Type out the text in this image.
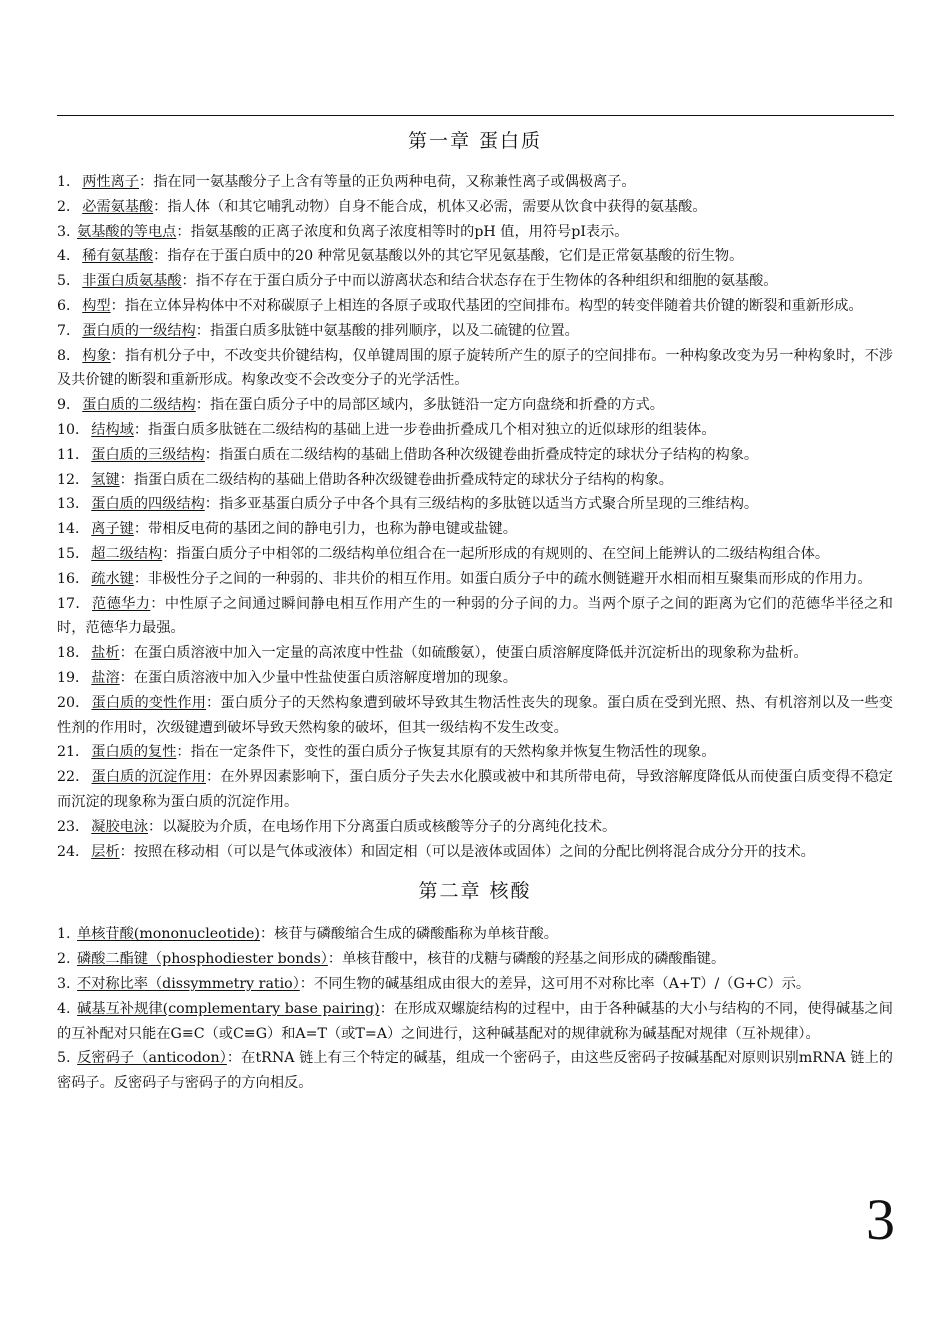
第一章 蛋白质

1． 两性离子：指在同一氨基酸分子上含有等量的正负两种电荷，又称兼性离子或偶极离子。

2． 必需氨基酸：指人体（和其它哺乳动物）自身不能合成，机体又必需，需要从饮食中获得的氨基酸。

3. 氨基酸的等电点：指氨基酸的正离子浓度和负离子浓度相等时的pH 值，用符号pI表示。

4． 稀有氨基酸：指存在于蛋白质中的20 种常见氨基酸以外的其它罕见氨基酸，它们是正常氨基酸的衍生物。

5． 非蛋白质氨基酸：指不存在于蛋白质分子中而以游离状态和结合状态存在于生物体的各种组织和细胞的氨基酸。

6． 构型：指在立体异构体中不对称碳原子上相连的各原子或取代基团的空间排布。构型的转变伴随着共价键的断裂和重新形成。

7． 蛋白质的一级结构：指蛋白质多肽链中氨基酸的排列顺序，以及二硫键的位置。

8． 构象：指有机分子中，不改变共价键结构，仅单键周围的原子旋转所产生的原子的空间排布。一种构象改变为另一种构象时，不涉及共价键的断裂和重新形成。构象改变不会改变分子的光学活性。

9． 蛋白质的二级结构：指在蛋白质分子中的局部区域内，多肽链沿一定方向盘绕和折叠的方式。

10． 结构域：指蛋白质多肽链在二级结构的基础上进一步卷曲折叠成几个相对独立的近似球形的组装体。

11． 蛋白质的三级结构：指蛋白质在二级结构的基础上借助各种次级键卷曲折叠成特定的球状分子结构的构象。

12． 氢键：指蛋白质在二级结构的基础上借助各种次级键卷曲折叠成特定的球状分子结构的构象。

13． 蛋白质的四级结构：指多亚基蛋白质分子中各个具有三级结构的多肽链以适当方式聚合所呈现的三维结构。

14． 离子键：带相反电荷的基团之间的静电引力，也称为静电键或盐键。

15． 超二级结构：指蛋白质分子中相邻的二级结构单位组合在一起所形成的有规则的、在空间上能辨认的二级结构组合体。

16． 疏水键：非极性分子之间的一种弱的、非共价的相互作用。如蛋白质分子中的疏水侧链避开水相而相互聚集而形成的作用力。

17． 范德华力：中性原子之间通过瞬间静电相互作用产生的一种弱的分子间的力。当两个原子之间的距离为它们的范德华半径之和时，范德华力最强。

18． 盐析：在蛋白质溶液中加入一定量的高浓度中性盐（如硫酸氨），使蛋白质溶解度降低并沉淀析出的现象称为盐析。

19． 盐溶：在蛋白质溶液中加入少量中性盐使蛋白质溶解度增加的现象。

20． 蛋白质的变性作用：蛋白质分子的天然构象遭到破坏导致其生物活性丧失的现象。蛋白质在受到光照、热、有机溶剂以及一些变性剂的作用时，次级键遭到破坏导致天然构象的破坏，但其一级结构不发生改变。

21． 蛋白质的复性：指在一定条件下，变性的蛋白质分子恢复其原有的天然构象并恢复生物活性的现象。

22． 蛋白质的沉淀作用：在外界因素影响下，蛋白质分子失去水化膜或被中和其所带电荷，导致溶解度降低从而使蛋白质变得不稳定而沉淀的现象称为蛋白质的沉淀作用。

23． 凝胶电泳：以凝胶为介质，在电场作用下分离蛋白质或核酸等分子的分离纯化技术。

24． 层析：按照在移动相（可以是气体或液体）和固定相（可以是液体或固体）之间的分配比例将混合成分分开的技术。

第二章 核酸

1. 单核苷酸(mononucleotide)：核苷与磷酸缩合生成的磷酸酯称为单核苷酸。

2. 磷酸二酯键（phosphodiester bonds）：单核苷酸中，核苷的戊糖与磷酸的羟基之间形成的磷酸酯键。

3. 不对称比率（dissymmetry ratio）：不同生物的碱基组成由很大的差异，这可用不对称比率（A+T）/（G+C）示。

4. 碱基互补规律(complementary base pairing)：在形成双螺旋结构的过程中，由于各种碱基的大小与结构的不同，使得碱基之间的互补配对只能在G≡C（或C≡G）和A=T（或T=A）之间进行，这种碱基配对的规律就称为碱基配对规律（互补规律）。

5. 反密码子（anticodon）：在tRNA 链上有三个特定的碱基，组成一个密码子，由这些反密码子按碱基配对原则识别mRNA 链上的密码子。反密码子与密码子的方向相反。

3
